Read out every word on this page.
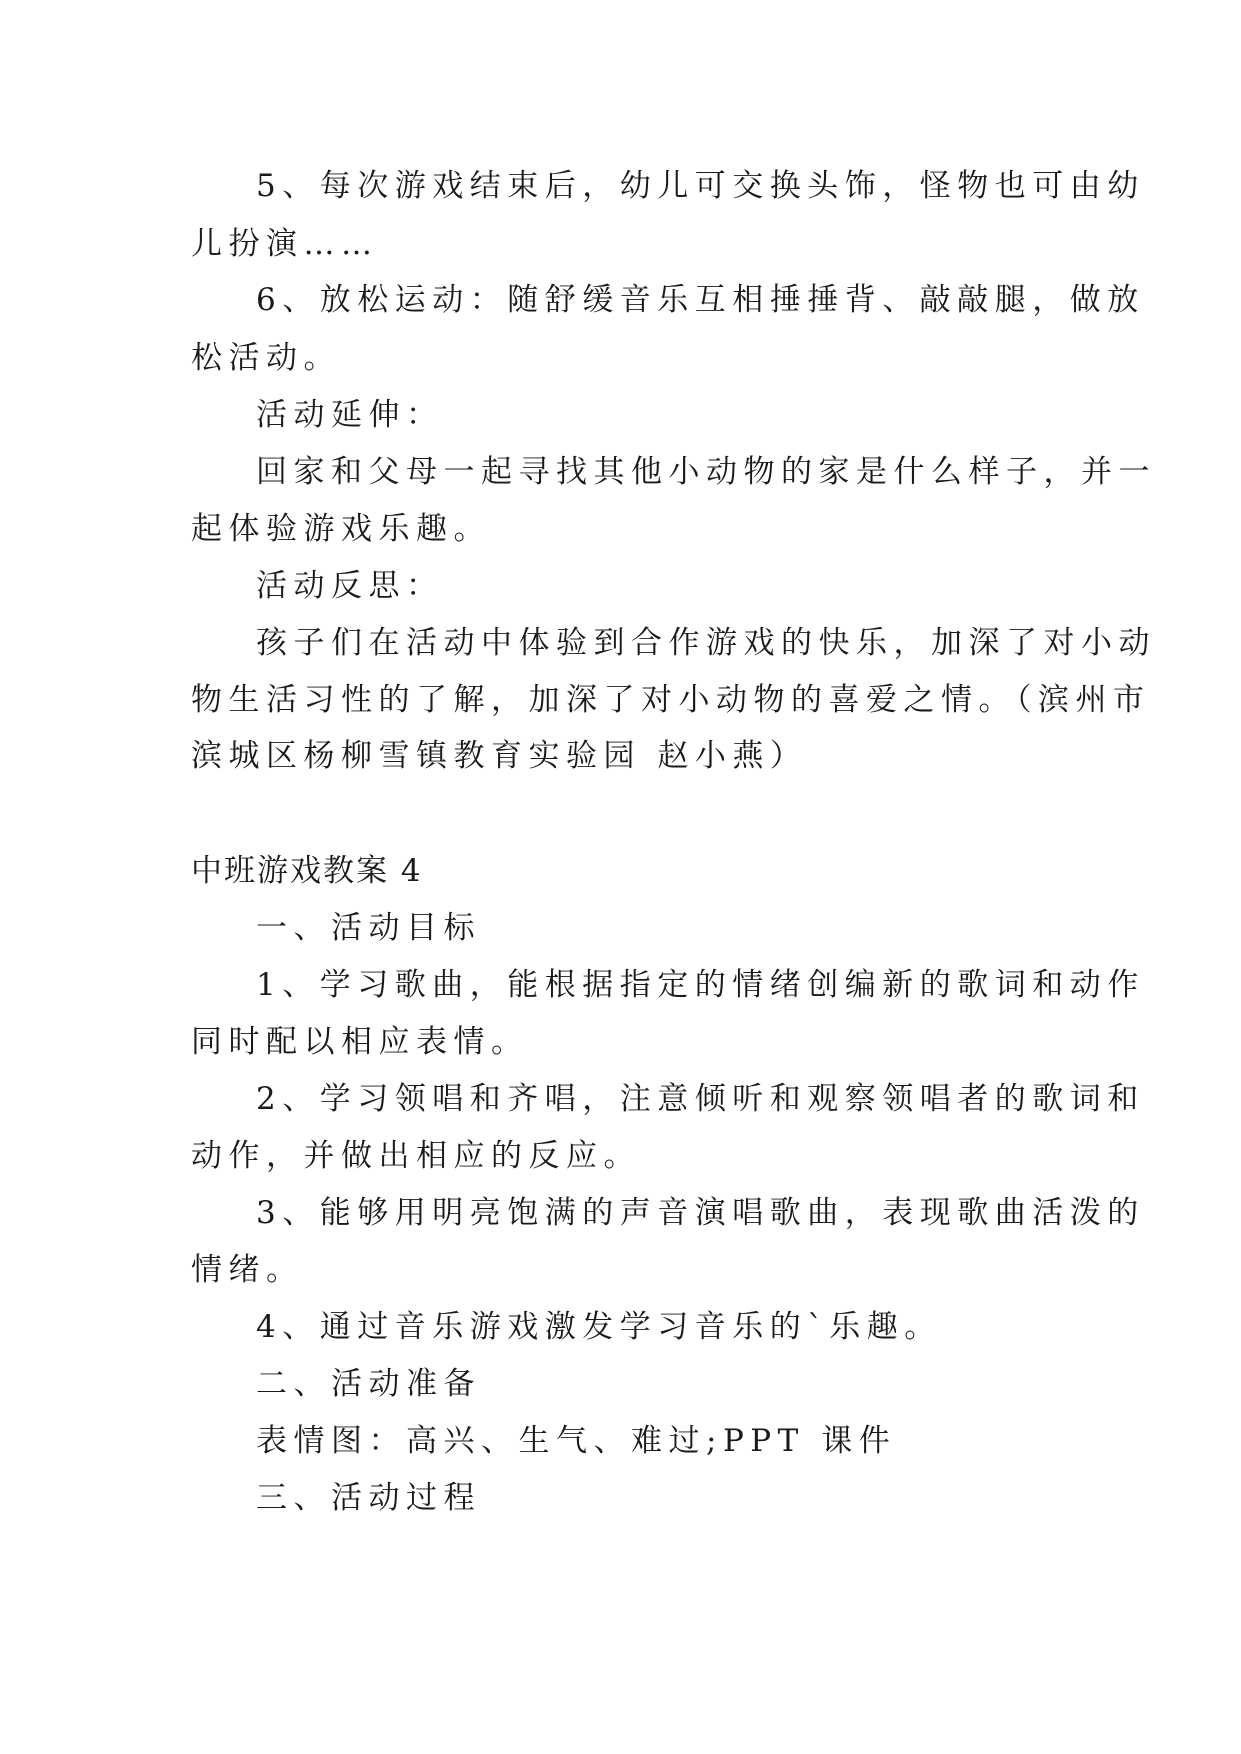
5、每次游戏结束后，幼儿可交换头饰，怪物也可由幼

儿扮演……

6、放松运动：随舒缓音乐互相捶捶背、敲敲腿，做放

松活动。

活动延伸：

回家和父母一起寻找其他小动物的家是什么样子，并一

起体验游戏乐趣。

活动反思：

孩子们在活动中体验到合作游戏的快乐，加深了对小动

物生活习性的了解，加深了对小动物的喜爱之情。（滨州市

滨城区杨柳雪镇教育实验园 赵小燕）

中班游戏教案 4

一、活动目标

1、学习歌曲，能根据指定的情绪创编新的歌词和动作

同时配以相应表情。

2、学习领唱和齐唱，注意倾听和观察领唱者的歌词和

动作，并做出相应的反应。

3、能够用明亮饱满的声音演唱歌曲，表现歌曲活泼的

情绪。

4、通过音乐游戏激发学习音乐的`乐趣。

二、活动准备

表情图：高兴、生气、难过;PPT 课件

三、活动过程
